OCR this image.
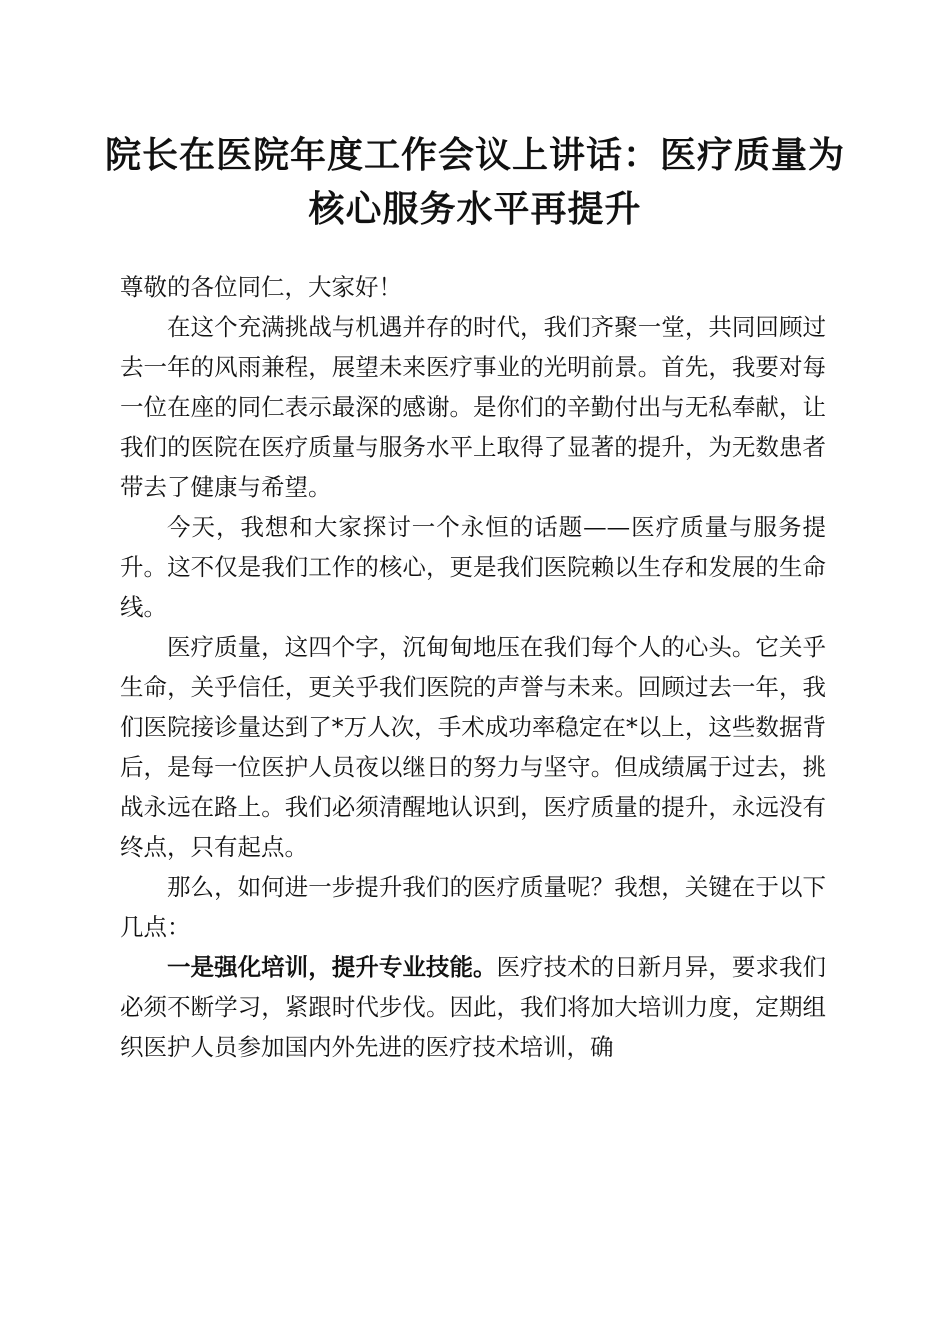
院长在医院年度工作会议上讲话：医疗质量为
核心服务水平再提升

尊敬的各位同仁，大家好！

在这个充满挑战与机遇并存的时代，我们齐聚一堂，共同回顾过去一年的风雨兼程，展望未来医疗事业的光明前景。首先，我要对每一位在座的同仁表示最深的感谢。是你们的辛勤付出与无私奉献，让我们的医院在医疗质量与服务水平上取得了显著的提升，为无数患者带去了健康与希望。

今天，我想和大家探讨一个永恒的话题——医疗质量与服务提升。这不仅是我们工作的核心，更是我们医院赖以生存和发展的生命线。

医疗质量，这四个字，沉甸甸地压在我们每个人的心头。它关乎生命，关乎信任，更关乎我们医院的声誉与未来。回顾过去一年，我们医院接诊量达到了*万人次，手术成功率稳定在*以上，这些数据背后，是每一位医护人员夜以继日的努力与坚守。但成绩属于过去，挑战永远在路上。我们必须清醒地认识到，医疗质量的提升，永远没有终点，只有起点。

那么，如何进一步提升我们的医疗质量呢？我想，关键在于以下几点：

一是强化培训，提升专业技能。医疗技术的日新月异，要求我们必须不断学习，紧跟时代步伐。因此，我们将加大培训力度，定期组织医护人员参加国内外先进的医疗技术培训，确
